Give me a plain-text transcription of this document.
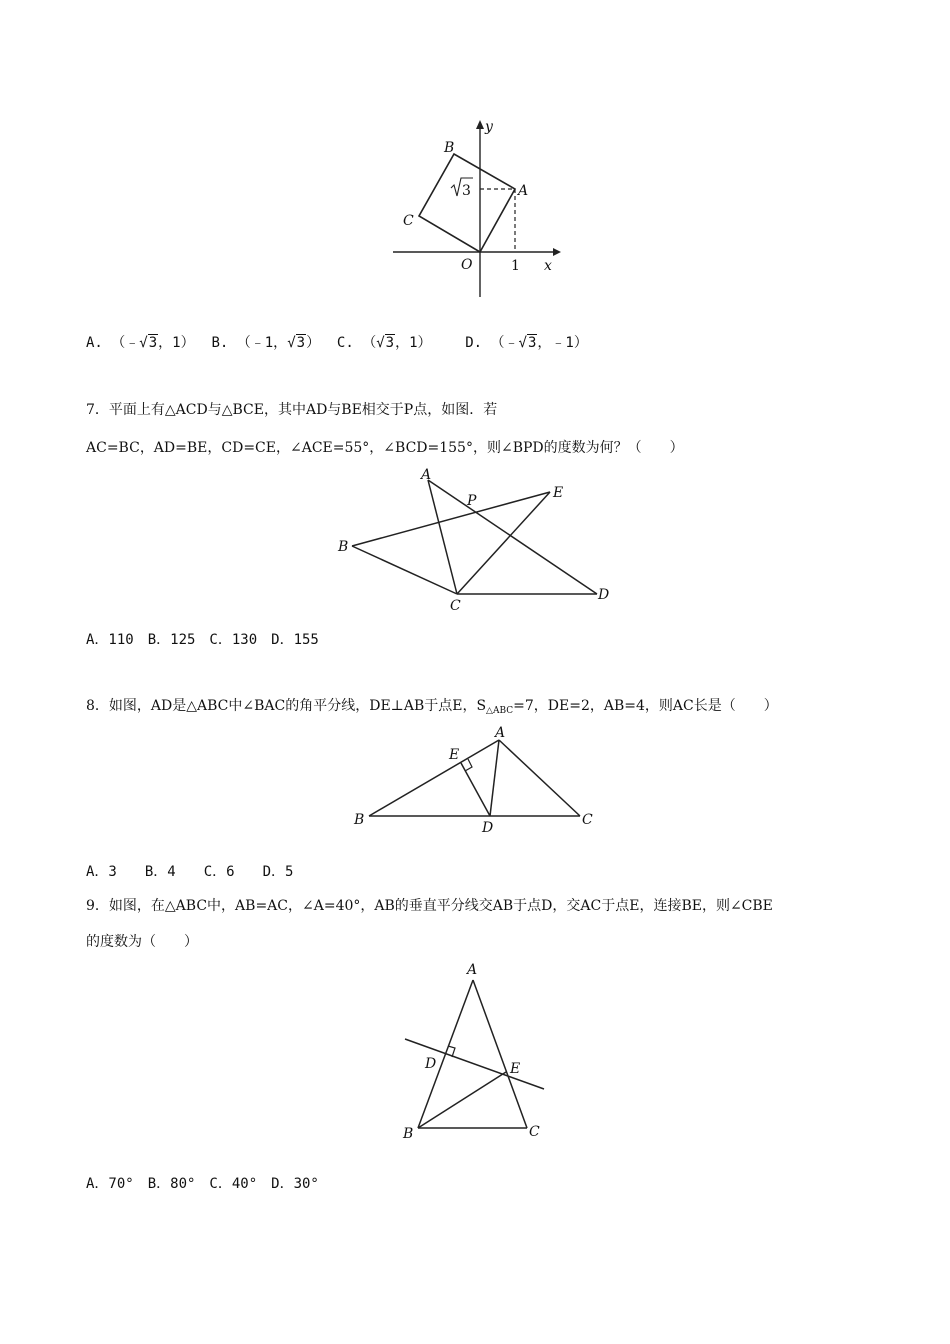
y
x
B
A
C
O	1
3
A. （﹣√3，1） B. （﹣1，√3） C. （√3，1） D. （﹣√3，﹣1）
7．平面上有△ACD与△BCE，其中AD与BE相交于P点，如图．若
AC=BC，AD=BE，CD=CE，∠ACE=55°，∠BCD=155°，则∠BPD的度数为何？（　　）
A
P	E
B
C
D
A．110　B．125　C．130　D．155
8．如图，AD是△ABC中∠BAC的角平分线，DE⊥AB于点E，$S_{\triangle ABC}=7$，DE=2，AB=4，则AC长是（　　）
A
E
B	D	C
A．3　　B．4　　C．6　　D．5
9．如图，在△ABC中，AB=AC，∠A=40°，AB的垂直平分线交AB于点D，交AC于点E，连接BE，则∠CBE
的度数为（　　）
A
D	E
B	C
A．70°　B．80°　C．40°　D．30°
